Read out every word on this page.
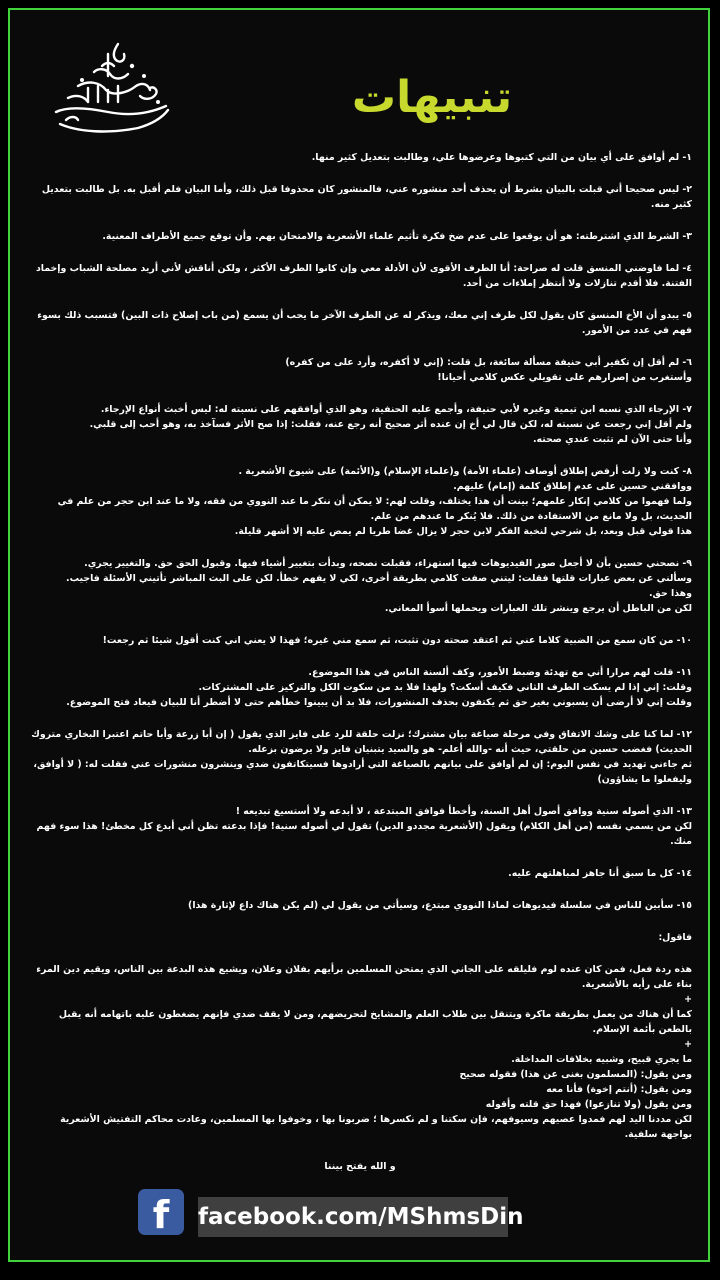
تنبيهات
١- لم أوافق على أي بيان من التي كتبوها وعرضوها علي، وطالبت بتعديل كثير منها.
٢- ليس صحيحا أني قبلت بالبيان بشرط أن يحذف أحد منشوره عني، فالمنشور كان محذوفا قبل ذلك، وأما البيان فلم أقبل به. بل طالبت بتعديل كثير منه.
٣- الشرط الذي اشترطته: هو أن يوقعوا على عدم ضخ فكرة تأثيم علماء الأشعرية والامتحان بهم. وأن توقع جميع الأطراف المعنية.
٤- لما فاوضني المنسق قلت له صراحة: أنا الطرف الأقوى لأن الأدلة معي وإن كانوا الطرف الأكثر ، ولكن أناقش لأني أريد مصلحة الشباب وإخماد الفتنة. فلا أقدم تنازلات ولا أنتظر إملاءات من أحد.
٥- يبدو أن الأخ المنسق كان يقول لكل طرف إني معك، ويذكر له عن الطرف الآخر ما يحب أن يسمع (من باب إصلاح ذات البين) فتسبب ذلك بسوء فهم في عدد من الأمور.
٦- لم أقل إن تكفير أبي حنيفة مسألة سائغة، بل قلت: (إني لا أكفره، وأرد على من كفره)
وأستغرب من إصرارهم على تقويلي عكس كلامي أحيانا!
٧- الإرجاء الذي نسبه ابن تيمية وغيره لأبي حنيفة، وأجمع عليه الحنفية، وهو الذي أوافقهم على نسبته له: ليس أخبث أنواع الإرجاء.
ولم أقل إني رجعت عن نسبته له، لكن قال لي أخ إن عنده أثر صحيح أنه رجع عنه، فقلت: إذا صح الأثر فسآخذ به، وهو أحب إلى قلبي.
وأنا حتى الآن لم تثبت عندي صحته.
٨- كنت ولا زلت أرفض إطلاق أوصاف (علماء الأمة) و(علماء الإسلام) و(الأئمة) على شيوخ الأشعرية .
ووافقني حسين على عدم إطلاق كلمة (إمام) عليهم.
ولما فهموا من كلامي إنكار علمهم؛ بينت أن هذا يختلف، وقلت لهم: لا يمكن أن ننكر ما عند النووي من فقه، ولا ما عند ابن حجر من علم في الحديث، بل ولا مانع من الاستفادة من ذلك. فلا يُنكر ما عندهم من علم.
هذا قولي قبل وبعد، بل شرحي لنخبة الفكر لابن حجر لا يزال غضا طريا لم يمض عليه إلا أشهر قليلة.
٩- نصحني حسين بأن لا أجعل صور الفيديوهات فيها استهزاء، فقبلت نصحه، وبدأت بتغيير أشياء فيها. وقبول الحق حق. والتغيير يجري.
وسألني عن بعض عبارات قلتها فقلت: ليتني صفت كلامي بطريقة أخرى، لكي لا يفهم خطأ. لكن على البث المباشر تأتيني الأسئلة فاجيب.
وهذا حق.
لكن من الباطل أن يرجع وينشر تلك العبارات ويحملها أسوأ المعاني.
١٠- من كان سمع من الضبية كلاما عني ثم اعتقد صحته دون تثبت، ثم سمع مني غيره؛ فهذا لا يعني اني كنت أقول شيئا ثم رجعت!
١١- قلت لهم مرارا أني مع تهدئة وضبط الأمور، وكف ألسنة الناس في هذا الموضوع.
وقلت: إني إذا لم يسكت الطرف الثاني فكيف أسكت؟ ولهذا فلا بد من سكوت الكل والتركيز على المشتركات.
وقلت إني لا أرضى أن يسبوني بغير حق ثم يكتفون بحذف المنشورات، فلا بد أن يبينوا خطأهم حتى لا أضطر أنا للبيان فيعاد فتح الموضوع.
١٢- لما كنا على وشك الاتفاق وفي مرحلة صياغة بيان مشترك؛ نزلت حلقة للرد على فايز الذي يقول ( إن أبا زرعة وأبا حاتم اعتبرا البخاري متروك الحديث) فغضب حسين من حلقتي، حيث أنه -والله أعلم- هو والسيد يتبنيان فايز ولا يرضون بزعله.
ثم جاءني تهديد في نفس اليوم: إن لم أوافق على بيانهم بالصياغة التي أرادوها فسيتكاتفون ضدي وينشرون منشورات عني فقلت له: ( لا أوافق، وليفعلوا ما يشاؤون)
١٣- الذي أصوله سنية ووافق أصول أهل السنة، وأخطأ فوافق المبتدعة ، لا أبدعه ولا أستسيغ تبديعه !
لكن من يسمي نفسه (من أهل الكلام) ويقول (الأشعرية مجددو الدين) تقول لي أصوله سنية! فإذا بدعته تظن أني أبدع كل مخطئ! هذا سوء فهم منك.
١٤- كل ما سبق أنا جاهز لمباهلتهم عليه.
١٥- سأبين للناس في سلسلة فيديوهات لماذا النووي مبتدع، وسيأتي من يقول لي (لم يكن هناك داع لإثارة هذا)
فاقول:
هذه ردة فعل، فمن كان عنده لوم فليلقه على الجاني الذي يمتحن المسلمين برأيهم بفلان وعلان، ويشيع هذه البدعة بين الناس، ويقيم دين المرء بناء على رأيه بالأشعرية.
+
كما أن هناك من يعمل بطريقة ماكرة ويتنقل بين طلاب العلم والمشايخ لتحريضهم، ومن لا يقف ضدي فإنهم يضغطون عليه باتهامه أنه يقبل بالطعن بأئمة الإسلام.
+
ما يجري قبيح، وشبيه بخلافات المداخلة.
ومن يقول: (المسلمون بغنى عن هذا) فقوله صحيح
ومن يقول: (أنتم إخوة) فأنا معه
ومن يقول (ولا تنازعوا) فهذا حق قلته وأقوله
لكن مددنا اليد لهم فمدوا عصيهم وسيوفهم، فإن سكتنا و لم نكسرها ؛ ضربونا بها ، وخوفوا بها المسلمين، وعادت محاكم التفتيش الأشعرية بواجهة سلفية.
و الله يفتح بيننا
f	facebook.com/MShmsDin
